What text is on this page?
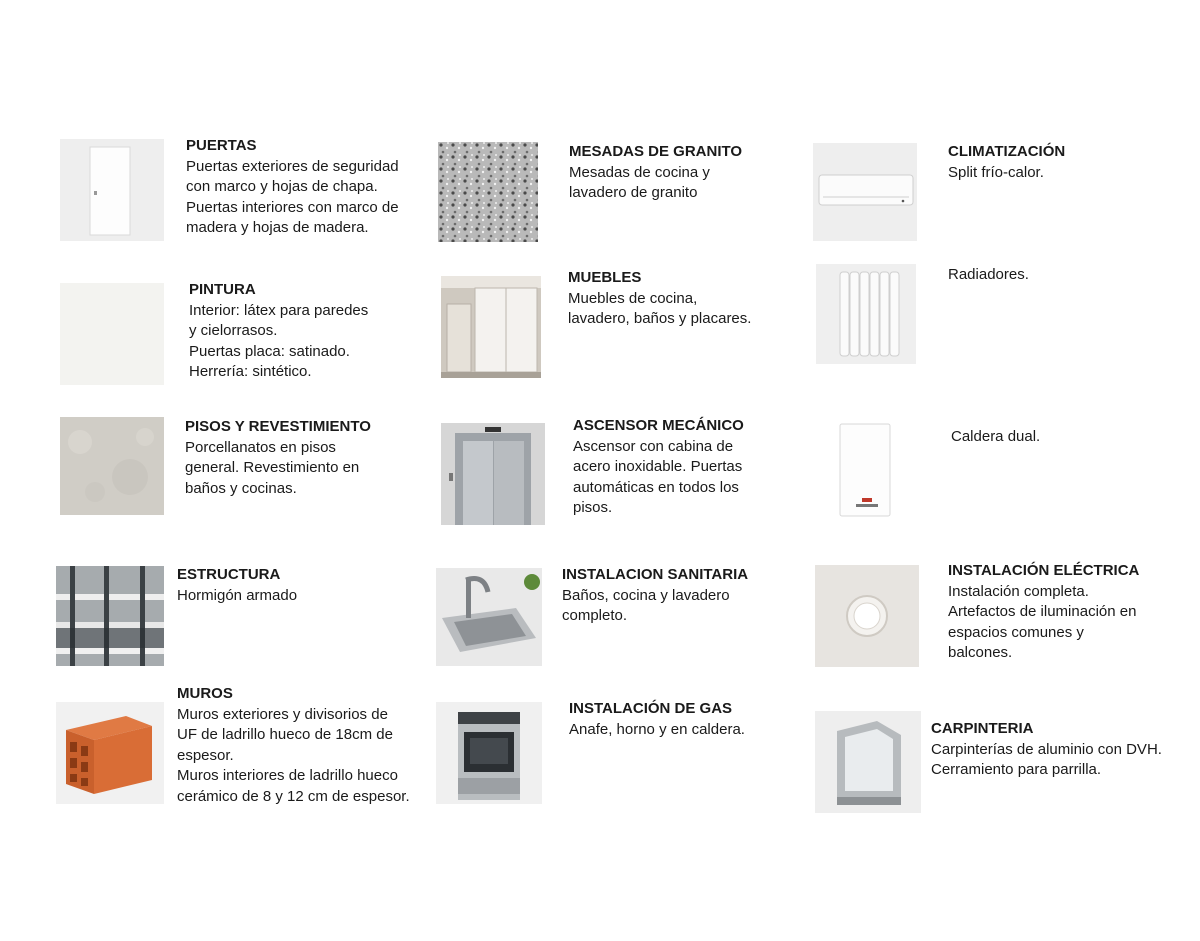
PUERTAS
Puertas exteriores de seguridad
con marco y hojas de chapa.
Puertas interiores con marco de
madera y hojas de madera.
PINTURA
Interior: látex para paredes
y cielorrasos.
Puertas placa: satinado.
Herrería: sintético.
PISOS Y REVESTIMIENTO
Porcellanatos en pisos
general. Revestimiento en
baños y cocinas.
ESTRUCTURA
Hormigón armado
MUROS
Muros exteriores y divisorios de
UF de ladrillo hueco de 18cm de
espesor.
Muros interiores de ladrillo hueco
cerámico de 8 y 12 cm de espesor.
MESADAS DE GRANITO
Mesadas de cocina y
lavadero de granito
MUEBLES
Muebles de cocina,
lavadero, baños y placares.
ASCENSOR MECÁNICO
Ascensor con cabina de
acero inoxidable. Puertas
automáticas en todos los
pisos.
INSTALACION SANITARIA
Baños, cocina y lavadero
completo.
INSTALACIÓN DE GAS
Anafe, horno y en caldera.
CLIMATIZACIÓN
Split frío-calor.
Radiadores.
Caldera dual.
INSTALACIÓN ELÉCTRICA
Instalación completa.
Artefactos de iluminación en
espacios comunes y
balcones.
CARPINTERIA
Carpinterías de aluminio con DVH.
Cerramiento para parrilla.
